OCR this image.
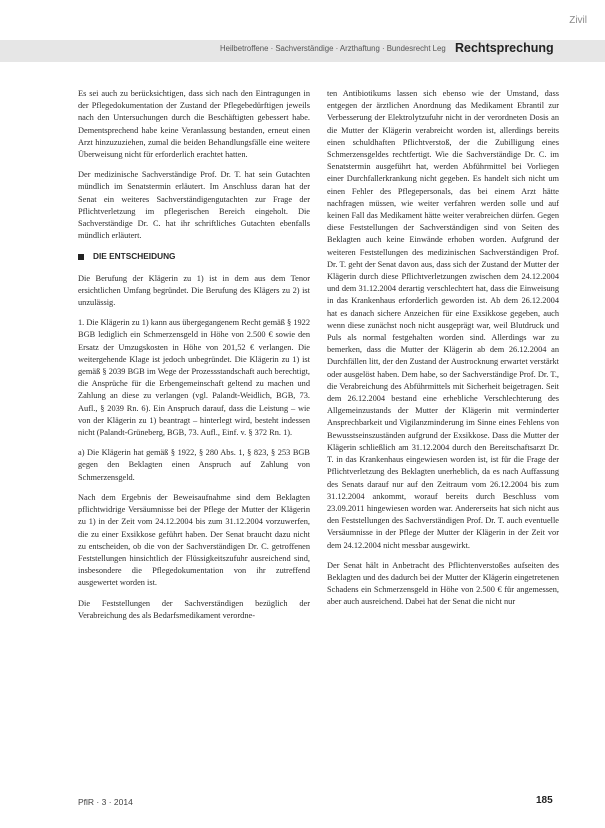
Zivil
Heilbetroffene · Sachverständige · Arzthaftung · Bundesrecht Leg Rechtsprechung

Es sei auch zu berücksichtigen, dass sich nach den Eintragungen in der Pflegedokumentation der Zustand der Pflegebedürftigen jeweils nach den Untersuchungen durch die Beschäftigten gebessert habe. Dementsprechend habe keine Veranlassung bestanden, erneut einen Arzt hinzuzuziehen, zumal die beiden Behandlungsfälle eine weitere Überweisung nicht für erforderlich erachtet hatten.

Der medizinische Sachverständige Prof. Dr. T. hat sein Gutachten mündlich im Senatstermin erläutert. Im Anschluss daran hat der Senat ein weiteres Sachverständigengutachten zur Frage der Pflichtverletzung im pflegerischen Bereich eingeholt. Die Sachverständige Dr. C. hat ihr schriftliches Gutachten ebenfalls mündlich erläutert.

DIE ENTSCHEIDUNG

Die Berufung der Klägerin zu 1) ist in dem aus dem Tenor ersichtlichen Umfang begründet. Die Berufung des Klägers zu 2) ist unzulässig.

1. Die Klägerin zu 1) kann aus übergegangenem Recht gemäß § 1922 BGB lediglich ein Schmerzensgeld in Höhe von 2.500 € sowie den Ersatz der Umzugskosten in Höhe von 201,52 € verlangen. Die weitergehende Klage ist jedoch unbegründet. Die Klägerin zu 1) ist gemäß § 2039 BGB im Wege der Prozessstandschaft auch berechtigt, die Ansprüche für die Erbengemeinschaft geltend zu machen und Zahlung an diese zu verlangen (vgl. Palandt-Weidlich, BGB, 73. Aufl., § 2039 Rn. 6). Ein Anspruch darauf, dass die Leistung – wie von der Klägerin zu 1) beantragt – hinterlegt wird, besteht indessen nicht (Palandt-Grüneberg, BGB, 73. Aufl., Einf. v. § 372 Rn. 1).

a) Die Klägerin hat gemäß § 1922, § 280 Abs. 1, § 823, § 253 BGB gegen den Beklagten einen Anspruch auf Zahlung von Schmerzensgeld.

Nach dem Ergebnis der Beweisaufnahme sind dem Beklagten pflichtwidrige Versäumnisse bei der Pflege der Mutter der Klägerin zu 1) in der Zeit vom 24.12.2004 bis zum 31.12.2004 vorzuwerfen, die zu einer Exsikkose geführt haben. Der Senat braucht dazu nicht zu entscheiden, ob die von der Sachverständigen Dr. C. getroffenen Feststellungen hinsichtlich der Flüssigkeitszufuhr ausreichend sind, insbesondere die Pflegedokumentation von ihr zutreffend ausgewertet worden ist.

Die Feststellungen der Sachverständigen bezüglich der Verabreichung des als Bedarfsmedikament verordne-

ten Antibiotikums lassen sich ebenso wie der Umstand, dass entgegen der ärztlichen Anordnung das Medikament Ebrantil zur Verbesserung der Elektrolytzufuhr nicht in der verordneten Dosis an die Mutter der Klägerin verabreicht worden ist, allerdings bereits einen schuldhaften Pflichtverstoß, der die Zubilligung eines Schmerzensgeldes rechtfertigt. Wie die Sachverständige Dr. C. im Senatstermin ausgeführt hat, werden Abführmittel bei Vorliegen einer Durchfallerkrankung nicht gegeben. Es handelt sich nicht um einen Fehler des Pflegepersonals, das bei einem Arzt hätte nachfragen müssen, wie weiter verfahren werden solle und auf keinen Fall das Medikament hätte weiter verabreichen dürfen. Gegen diese Feststellungen der Sachverständigen sind von Seiten des Beklagten auch keine Einwände erhoben worden. Aufgrund der weiteren Feststellungen des medizinischen Sachverständigen Prof. Dr. T. geht der Senat davon aus, dass sich der Zustand der Mutter der Klägerin durch diese Pflichtverletzungen zwischen dem 24.12.2004 und dem 31.12.2004 derartig verschlechtert hat, dass die Einweisung in das Krankenhaus erforderlich geworden ist. Ab dem 26.12.2004 hat es danach sichere Anzeichen für eine Exsikkose gegeben, auch wenn diese zunächst noch nicht ausgeprägt war, weil Blutdruck und Puls als normal festgehalten worden sind. Allerdings war zu bemerken, dass die Mutter der Klägerin ab dem 26.12.2004 an Durchfällen litt, der den Zustand der Austrocknung erwartet verstärkt oder ausgelöst haben. Dem habe, so der Sachverständige Prof. Dr. T., die Verabreichung des Abführmittels mit Sicherheit beigetragen. Seit dem 26.12.2004 bestand eine erhebliche Verschlechterung des Allgemeinzustands der Mutter der Klägerin mit verminderter Ansprechbarkeit und Vigilanzminderung im Sinne eines Fehlens von Bewusstseinszuständen aufgrund der Exsikkose. Dass die Mutter der Klägerin schließlich am 31.12.2004 durch den Bereitschaftsarzt Dr. T. in das Krankenhaus eingewiesen worden ist, ist für die Frage der Pflichtverletzung des Beklagten unerheblich, da es nach Auffassung des Senats darauf nur auf den Zeitraum vom 26.12.2004 bis zum 31.12.2004 ankommt, worauf bereits durch Beschluss vom 23.09.2011 hingewiesen worden war. Andererseits hat sich nicht aus den Feststellungen des Sachverständigen Prof. Dr. T. auch eventuelle Versäumnisse in der Pflege der Mutter der Klägerin in der Zeit vor dem 24.12.2004 nicht messbar ausgewirkt.

Der Senat hält in Anbetracht des Pflichtenverstoßes aufseiten des Beklagten und des dadurch bei der Mutter der Klägerin eingetretenen Schadens ein Schmerzensgeld in Höhe von 2.500 € für angemessen, aber auch ausreichend. Dabei hat der Senat die nicht nur

PflR · 3 · 2014	185
